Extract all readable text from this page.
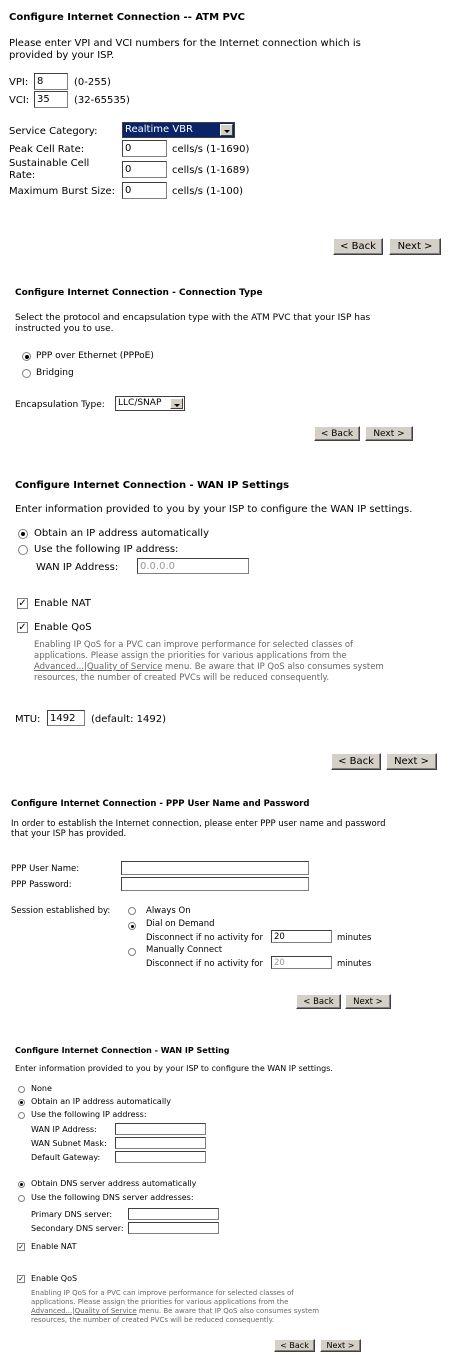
Configure Internet Connection -- ATM PVC
Please enter VPI and VCI numbers for the Internet connection which is
provided by your ISP.
VPI:
8	(0-255)
VCI:
35	(32-65535)
Service Category:	Realtime VBR
Peak Cell Rate:
0	cells/s (1-1690)
Sustainable Cell
Rate:
0	cells/s (1-1689)
Maximum Burst Size:
0	cells/s (1-100)
< Back	Next >
Configure Internet Connection - Connection Type
Select the protocol and encapsulation type with the ATM PVC that your ISP has
instructed you to use.
PPP over Ethernet (PPPoE)
Bridging
Encapsulation Type: LLC/SNAP
< Back	Next >
Configure Internet Connection - WAN IP Settings
Enter information provided to you by your ISP to configure the WAN IP settings.
Obtain an IP address automatically
Use the following IP address:
WAN IP Address:
0.0.0.0
✓ Enable NAT
✓ Enable QoS
Enabling IP QoS for a PVC can improve performance for selected classes of
applications. Please assign the priorities for various applications from the
Advanced...|Quality of Service menu. Be aware that IP QoS also consumes system
resources, the number of created PVCs will be reduced consequently.
MTU:
1492	(default: 1492)
< Back	Next >
Configure Internet Connection - PPP User Name and Password
In order to establish the Internet connection, please enter PPP user name and password
that your ISP has provided.
PPP User Name:
PPP Password:
Session established by:	Always On
Dial on Demand
Disconnect if no activity for
20	minutes
Manually Connect
Disconnect if no activity for
20	minutes
< Back	Next >
Configure Internet Connection - WAN IP Setting
Enter information provided to you by your ISP to configure the WAN IP settings.
None
Obtain an IP address automatically
Use the following IP address:
WAN IP Address:
WAN Subnet Mask:
Default Gateway:
Obtain DNS server address automatically
Use the following DNS server addresses:
Primary DNS server:
Secondary DNS server:
✓ Enable NAT
✓ Enable QoS
Enabling IP QoS for a PVC can improve performance for selected classes of
applications. Please assign the priorities for various applications from the
Advanced...|Quality of Service menu. Be aware that IP QoS also consumes system
resources, the number of created PVCs will be reduced consequently.
< Back	Next >
